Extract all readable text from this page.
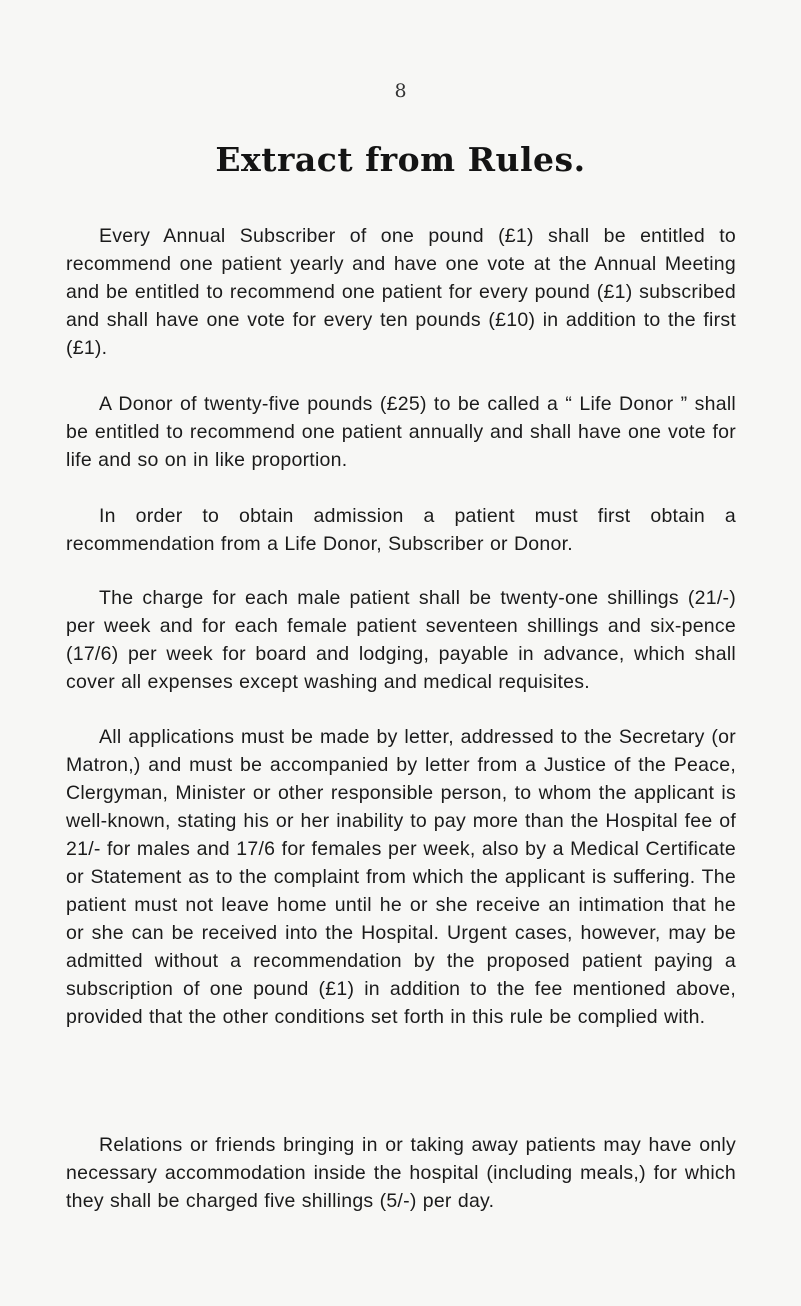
8
Extract from Rules.

Every Annual Subscriber of one pound (£1) shall be entitled to recommend one patient yearly and have one vote at the Annual Meeting and be entitled to recommend one patient for every pound (£1) subscribed and shall have one vote for every ten pounds (£10) in addition to the first (£1).

A Donor of twenty-five pounds (£25) to be called a “ Life Donor ” shall be entitled to recommend one patient annually and shall have one vote for life and so on in like proportion.

In order to obtain admission a patient must first obtain a recommendation from a Life Donor, Subscriber or Donor.

The charge for each male patient shall be twenty-one shillings (21/-) per week and for each female patient seventeen shillings and six-pence (17/6) per week for board and lodging, payable in advance, which shall cover all expenses except washing and medical requisites.

All applications must be made by letter, addressed to the Secretary (or Matron,) and must be accompanied by letter from a Justice of the Peace, Clergyman, Minister or other responsible person, to whom the applicant is well-known, stating his or her inability to pay more than the Hospital fee of 21/- for males and 17/6 for females per week, also by a Medical Certificate or Statement as to the complaint from which the applicant is suffering. The patient must not leave home until he or she receive an intimation that he or she can be received into the Hospital. Urgent cases, however, may be admitted without a recommendation by the proposed patient paying a subscription of one pound (£1) in addition to the fee mentioned above, provided that the other conditions set forth in this rule be complied with.

Relations or friends bringing in or taking away patients may have only necessary accommodation inside the hospital (including meals,) for which they shall be charged five shillings (5/-) per day.
